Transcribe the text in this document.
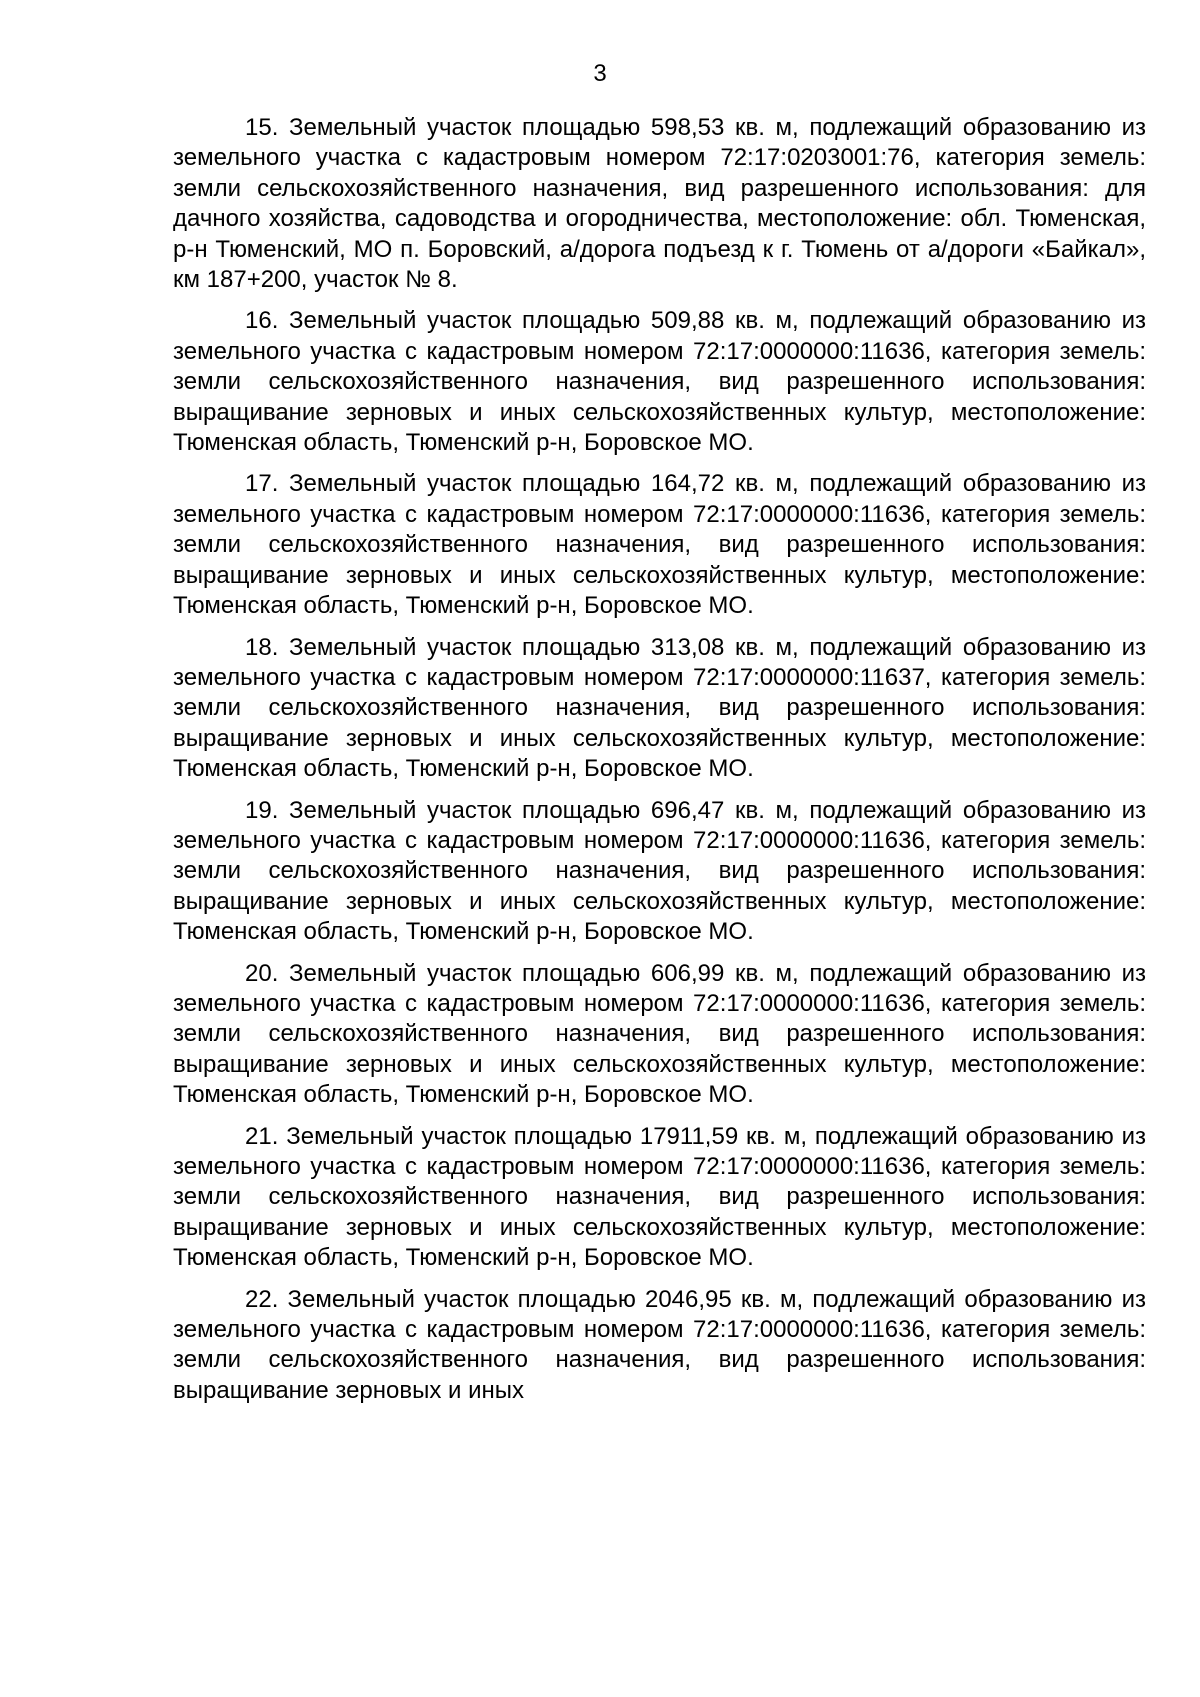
3

15. Земельный участок площадью 598,53 кв. м, подлежащий образованию из земельного участка с кадастровым номером 72:17:0203001:76, категория земель: земли сельскохозяйственного назначения, вид разрешенного использования: для дачного хозяйства, садоводства и огородничества, местоположение: обл. Тюменская, р-н Тюменский, МО п. Боровский, а/дорога подъезд к г. Тюмень от а/дороги «Байкал», км 187+200, участок № 8.

16. Земельный участок площадью 509,88 кв. м, подлежащий образованию из земельного участка с кадастровым номером 72:17:0000000:11636, категория земель: земли сельскохозяйственного назначения, вид разрешенного использования: выращивание зерновых и иных сельскохозяйственных культур, местоположение: Тюменская область, Тюменский р-н, Боровское МО.

17. Земельный участок площадью 164,72 кв. м, подлежащий образованию из земельного участка с кадастровым номером 72:17:0000000:11636, категория земель: земли сельскохозяйственного назначения, вид разрешенного использования: выращивание зерновых и иных сельскохозяйственных культур, местоположение: Тюменская область, Тюменский р-н, Боровское МО.

18. Земельный участок площадью 313,08 кв. м, подлежащий образованию из земельного участка с кадастровым номером 72:17:0000000:11637, категория земель: земли сельскохозяйственного назначения, вид разрешенного использования: выращивание зерновых и иных сельскохозяйственных культур, местоположение: Тюменская область, Тюменский р-н, Боровское МО.

19. Земельный участок площадью 696,47 кв. м, подлежащий образованию из земельного участка с кадастровым номером 72:17:0000000:11636, категория земель: земли сельскохозяйственного назначения, вид разрешенного использования: выращивание зерновых и иных сельскохозяйственных культур, местоположение: Тюменская область, Тюменский р-н, Боровское МО.

20. Земельный участок площадью 606,99 кв. м, подлежащий образованию из земельного участка с кадастровым номером 72:17:0000000:11636, категория земель: земли сельскохозяйственного назначения, вид разрешенного использования: выращивание зерновых и иных сельскохозяйственных культур, местоположение: Тюменская область, Тюменский р-н, Боровское МО.

21. Земельный участок площадью 17911,59 кв. м, подлежащий образованию из земельного участка с кадастровым номером 72:17:0000000:11636, категория земель: земли сельскохозяйственного назначения, вид разрешенного использования: выращивание зерновых и иных сельскохозяйственных культур, местоположение: Тюменская область, Тюменский р-н, Боровское МО.

22. Земельный участок площадью 2046,95 кв. м, подлежащий образованию из земельного участка с кадастровым номером 72:17:0000000:11636, категория земель: земли сельскохозяйственного назначения, вид разрешенного использования: выращивание зерновых и иных
